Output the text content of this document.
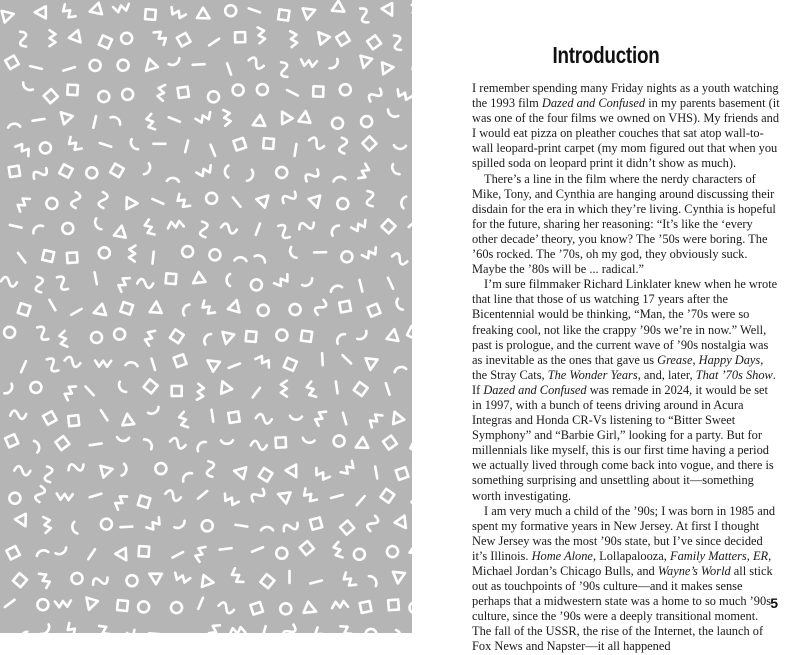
Introduction

I remember spending many Friday nights as a youth watching the 1993 film Dazed and Confused in my parents basement (it was one of the four films we owned on VHS). My friends and I would eat pizza on pleather couches that sat atop wall-to-wall leopard-print carpet (my mom figured out that when you spilled soda on leopard print it didn’t show as much).

There’s a line in the film where the nerdy characters of Mike, Tony, and Cynthia are hanging around discussing their disdain for the era in which they’re living. Cynthia is hopeful for the future, sharing her reasoning: “It’s like the ‘every other decade’ theory, you know? The ’50s were boring. The ’60s rocked. The ’70s, oh my god, they obviously suck. Maybe the ’80s will be ... radical.”

I’m sure filmmaker Richard Linklater knew when he wrote that line that those of us watching 17 years after the Bicentennial would be thinking, “Man, the ’70s were so freaking cool, not like the crappy ’90s we’re in now.” Well, past is prologue, and the current wave of ’90s nostalgia was as inevitable as the ones that gave us Grease, Happy Days, the Stray Cats, The Wonder Years, and, later, That ’70s Show. If Dazed and Confused was remade in 2024, it would be set in 1997, with a bunch of teens driving around in Acura Integras and Honda CR-Vs listening to “Bitter Sweet Symphony” and “Barbie Girl,” looking for a party. But for millennials like myself, this is our first time having a period we actually lived through come back into vogue, and there is something surprising and unsettling about it—something worth investigating.

I am very much a child of the ’90s; I was born in 1985 and spent my formative years in New Jersey. At first I thought New Jersey was the most ’90s state, but I’ve since decided it’s Illinois. Home Alone, Lollapalooza, Family Matters, ER, Michael Jordan’s Chicago Bulls, and Wayne’s World all stick out as touchpoints of ’90s culture—and it makes sense perhaps that a midwestern state was a home to so much ’90s culture, since the ’90s were a deeply transitional moment. The fall of the USSR, the rise of the Internet, the launch of Fox News and Napster—it all happened

5
